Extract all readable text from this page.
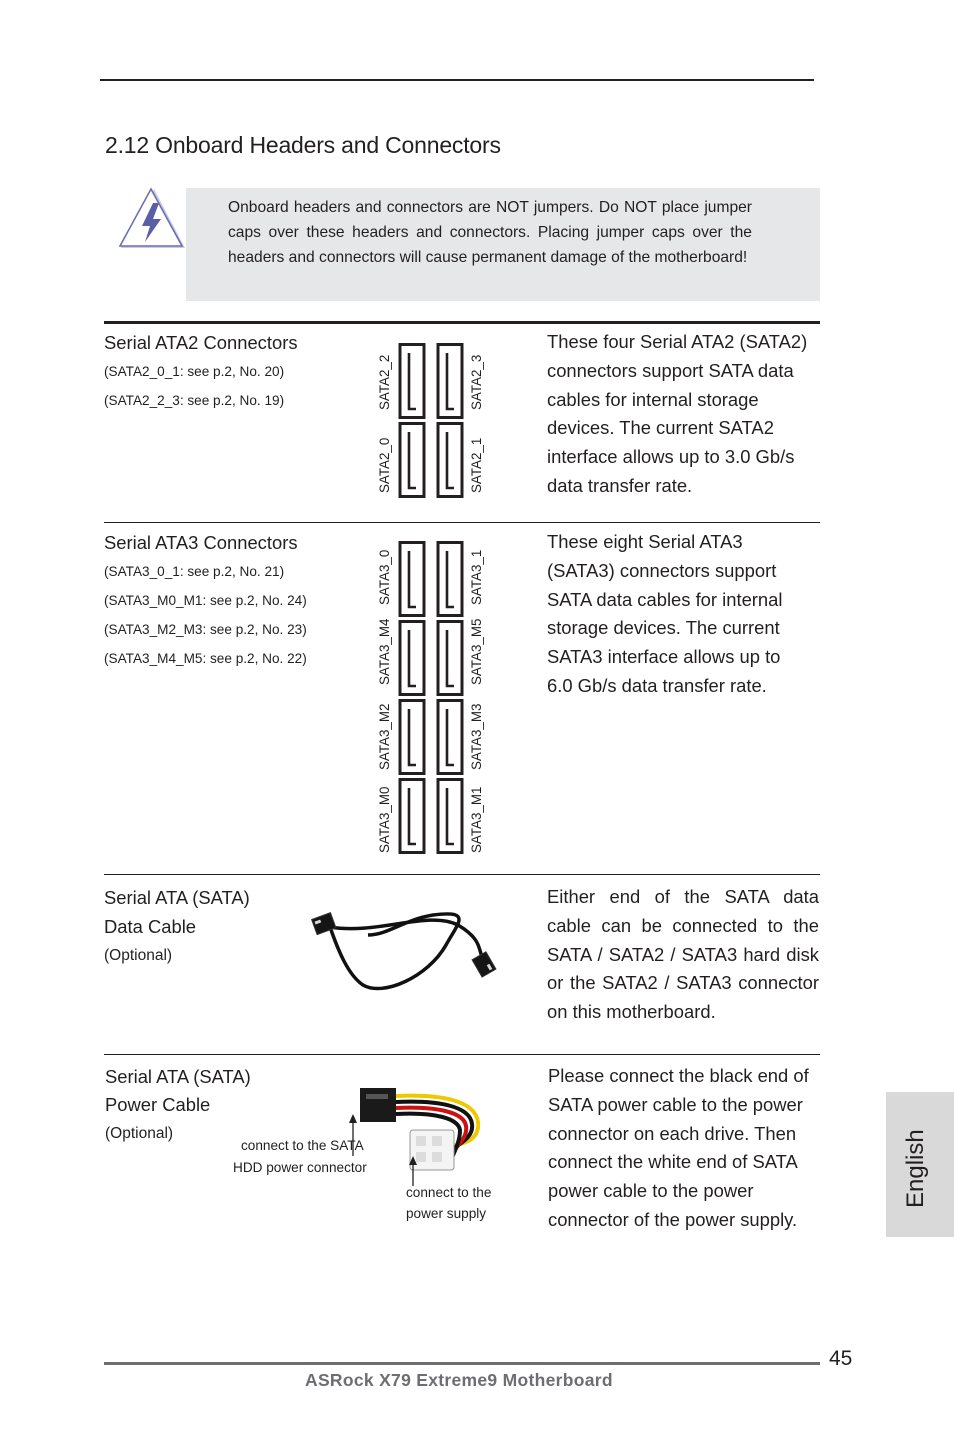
2.12 Onboard Headers and Connectors
Onboard headers and connectors are NOT jumpers. Do NOT place jumper caps over these headers and connectors. Placing jumper caps over the headers and connectors will cause permanent damage of the motherboard!
Serial ATA2 Connectors
(SATA2_0_1: see p.2, No. 20)
(SATA2_2_3: see p.2, No. 19)	SATA2_2	SATA2_3
SATA2_0	SATA2_1
These four Serial ATA2 (SATA2) connectors support SATA data cables for internal storage devices. The current SATA2 interface allows up to 3.0 Gb/s data transfer rate.
Serial ATA3 Connectors
(SATA3_0_1: see p.2, No. 21)
(SATA3_M0_M1: see p.2, No. 24)
(SATA3_M2_M3: see p.2, No. 23)
(SATA3_M4_M5: see p.2, No. 22)
SATA3_0	SATA3_1
SATA3_M4	SATA3_M5
SATA3_M2	SATA3_M3
SATA3_M0	SATA3_M1
These eight Serial ATA3 (SATA3) connectors support SATA data cables for internal storage devices. The current SATA3 interface allows up to 6.0 Gb/s data transfer rate.
Serial ATA (SATA)
Data Cable
(Optional)
Either end of the SATA data cable can be connected to the SATA / SATA2 / SATA3 hard disk or the SATA2 / SATA3 connector on this motherboard.
Serial ATA (SATA)
Power Cable
(Optional)
connect to the SATA
HDD power connector
connect to the
power supply
Please connect the black end of SATA power cable to the power connector on each drive. Then connect the white end of SATA power cable to the power connector of the power supply.
English
45
ASRock X79 Extreme9 Motherboard
